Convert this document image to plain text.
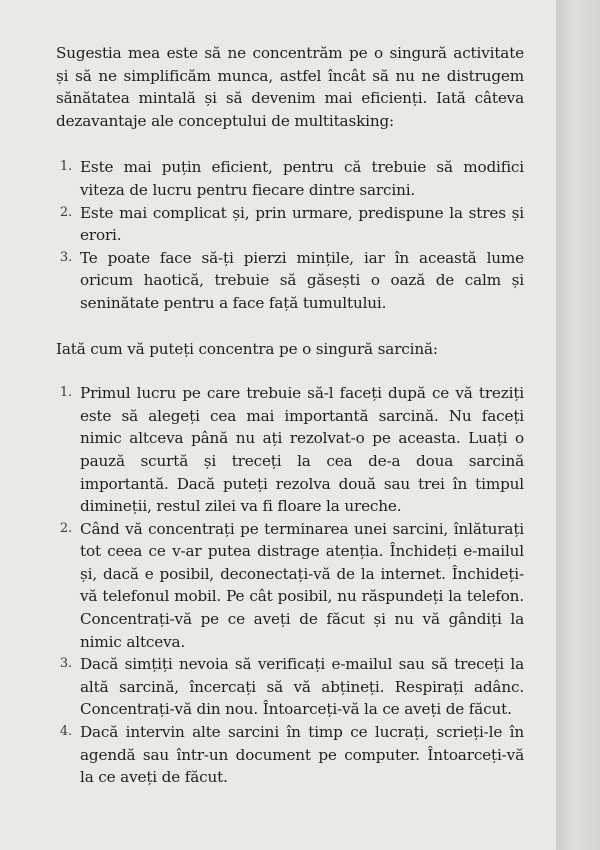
Sugestia mea este să ne concentrăm pe o singură activitate și să ne simplificăm munca, astfel încât să nu ne distrugem sănătatea mintală și să devenim mai eficienți. Iată câteva dezavantaje ale conceptului de multitasking:

1. Este mai puțin eficient, pentru că trebuie să modifici viteza de lucru pentru fiecare dintre sarcini.
2. Este mai complicat și, prin urmare, predispune la stres și erori.
3. Te poate face să-ți pierzi mințile, iar în această lume oricum haotică, trebuie să găsești o oază de calm și seninătate pentru a face față tumultului.

Iată cum vă puteți concentra pe o singură sarcină:

1. Primul lucru pe care trebuie să-l faceți după ce vă treziți este să alegeți cea mai importantă sarcină. Nu faceți nimic altceva până nu ați rezolvat-o pe aceasta. Luați o pauză scurtă și treceți la cea de-a doua sarcină importantă. Dacă puteți rezolva două sau trei în timpul dimineții, restul zilei va fi floare la ureche.
2. Când vă concentrați pe terminarea unei sarcini, înlăturați tot ceea ce v-ar putea distrage atenția. Închideți e-mailul și, dacă e posibil, deconectați-vă de la internet. Închideți-vă telefonul mobil. Pe cât posibil, nu răspundeți la telefon. Concentrați-vă pe ce aveți de făcut și nu vă gândiți la nimic altceva.
3. Dacă simțiți nevoia să verificați e-mailul sau să treceți la altă sarcină, încercați să vă abțineți. Respirați adânc. Concentrați-vă din nou. Întoarceți-vă la ce aveți de făcut.
4. Dacă intervin alte sarcini în timp ce lucrați, scrieți-le în agendă sau într-un document pe computer. Întoarceți-vă la ce aveți de făcut.
